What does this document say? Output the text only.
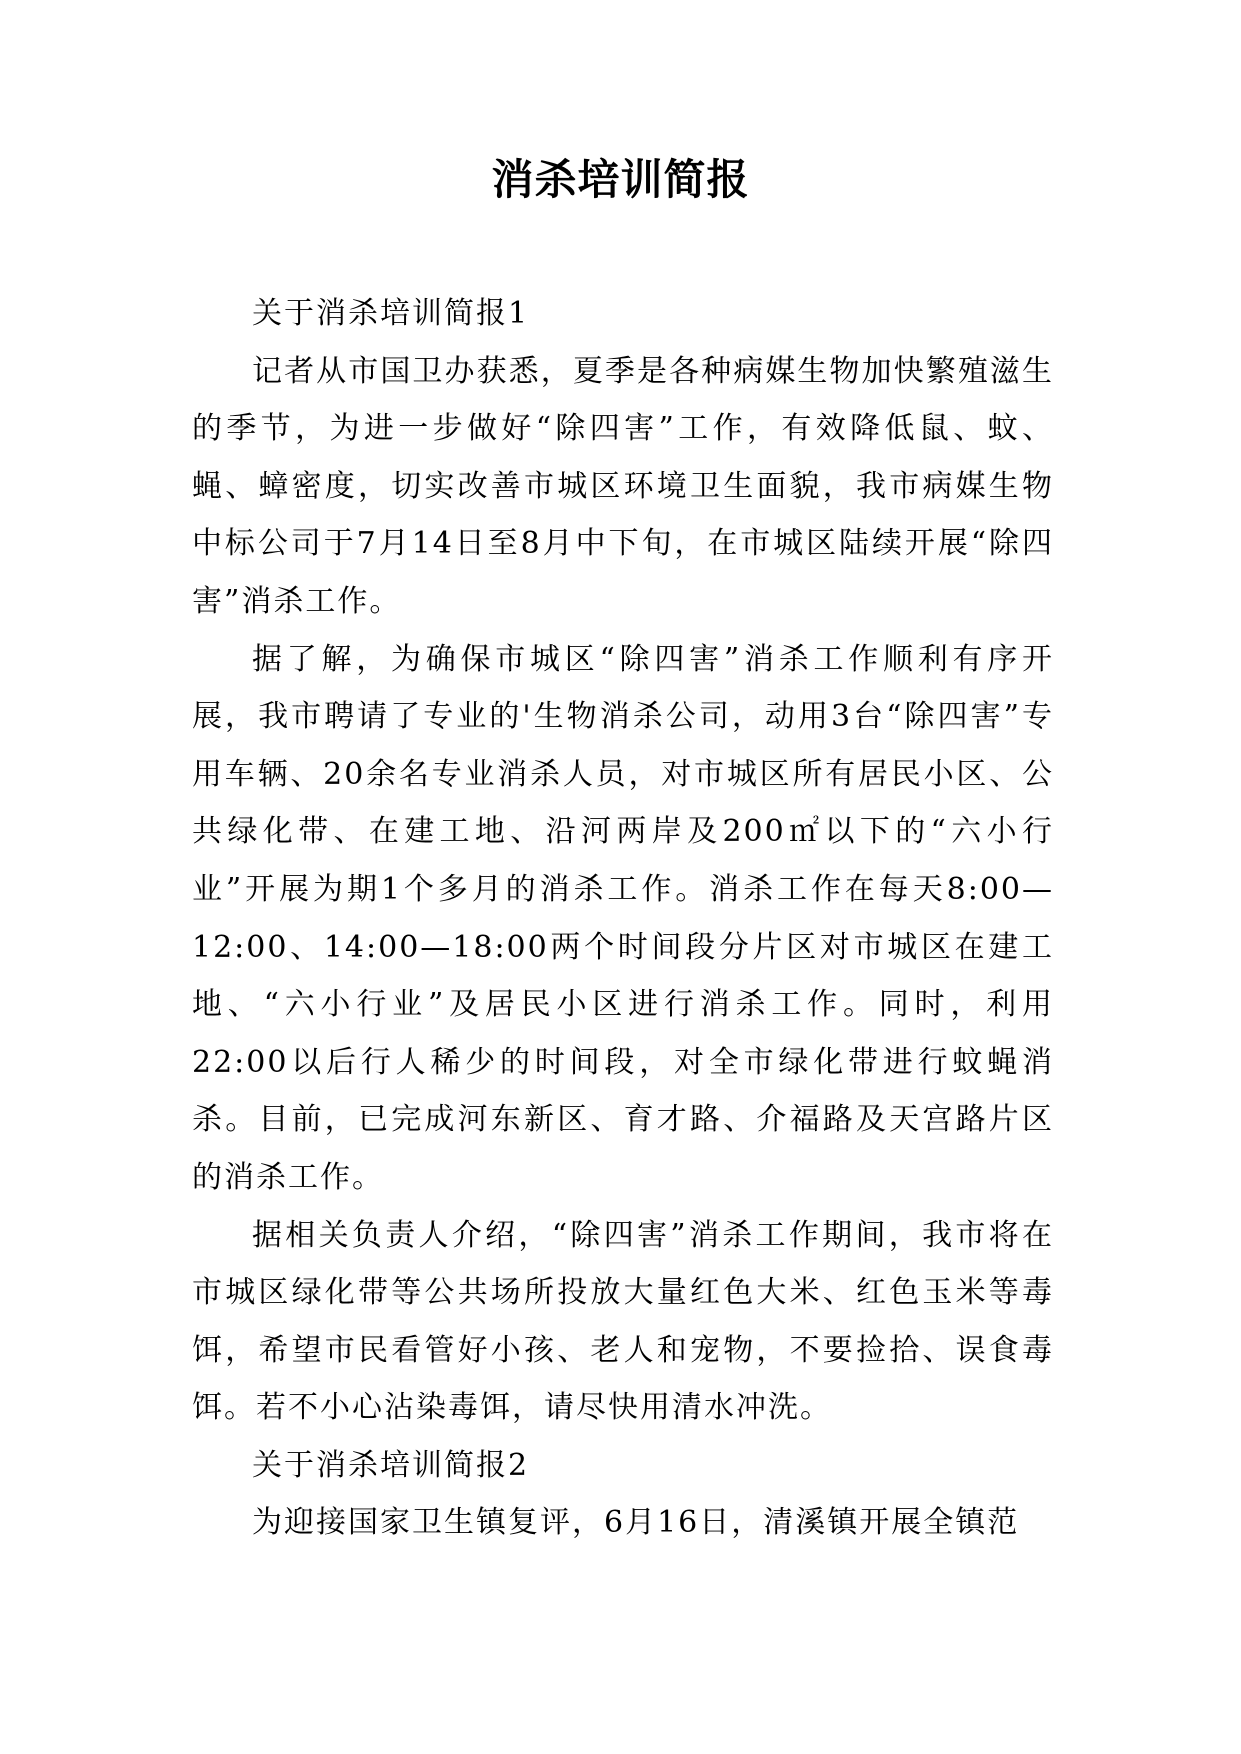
消杀培训简报

关于消杀培训简报1

记者从市国卫办获悉，夏季是各种病媒生物加快繁殖滋生的季节，为进一步做好“除四害”工作，有效降低鼠、蚊、蝇、蟑密度，切实改善市城区环境卫生面貌，我市病媒生物中标公司于7月14日至8月中下旬，在市城区陆续开展“除四害”消杀工作。

据了解，为确保市城区“除四害”消杀工作顺利有序开展，我市聘请了专业的'生物消杀公司，动用3台“除四害”专用车辆、20余名专业消杀人员，对市城区所有居民小区、公共绿化带、在建工地、沿河两岸及200㎡以下的“六小行业”开展为期1个多月的消杀工作。消杀工作在每天8:00—12:00、14:00—18:00两个时间段分片区对市城区在建工地、“六小行业”及居民小区进行消杀工作。同时，利用22:00以后行人稀少的时间段，对全市绿化带进行蚊蝇消杀。目前，已完成河东新区、育才路、介福路及天宫路片区的消杀工作。

据相关负责人介绍，“除四害”消杀工作期间，我市将在市城区绿化带等公共场所投放大量红色大米、红色玉米等毒饵，希望市民看管好小孩、老人和宠物，不要捡拾、误食毒饵。若不小心沾染毒饵，请尽快用清水冲洗。

关于消杀培训简报2

为迎接国家卫生镇复评，6月16日，清溪镇开展全镇范
